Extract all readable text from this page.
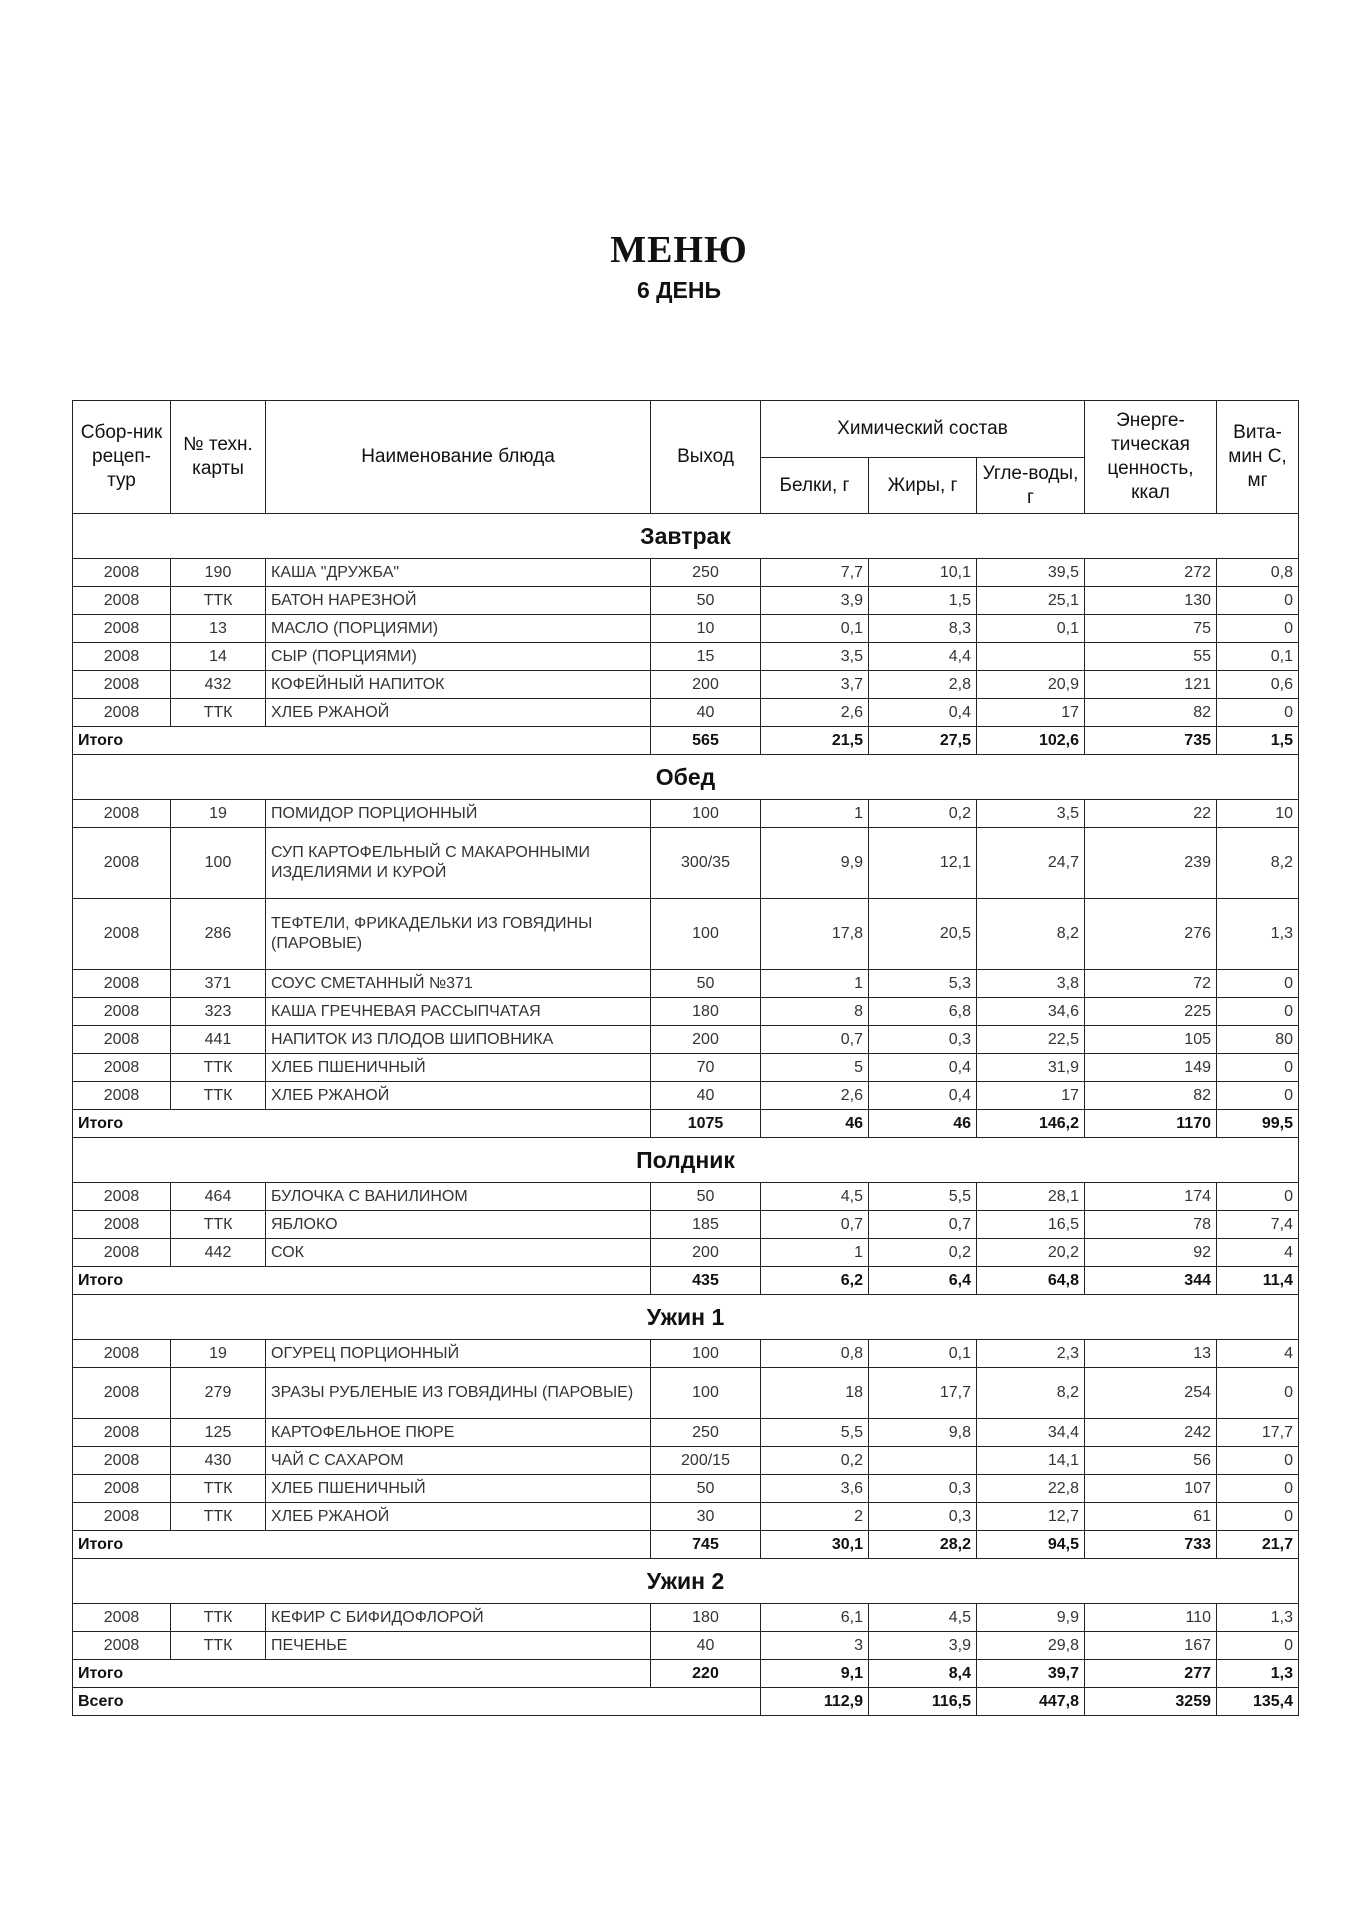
МЕНЮ
6 ДЕНЬ
Сбор-ник рецеп-тур	№ техн. карты	Наименование блюда	Выход	Химический состав			Энерге-тическая ценность, ккал	Вита-мин С, мг
				Белки, г	Жиры, г	Угле-воды, г		
Завтрак								
2008	190	КАША "ДРУЖБА"	250	7,7	10,1	39,5	272	0,8
2008	ТТК	БАТОН НАРЕЗНОЙ	50	3,9	1,5	25,1	130	0
2008	13	МАСЛО (ПОРЦИЯМИ)	10	0,1	8,3	0,1	75	0
2008	14	СЫР (ПОРЦИЯМИ)	15	3,5	4,4		55	0,1
2008	432	КОФЕЙНЫЙ НАПИТОК	200	3,7	2,8	20,9	121	0,6
2008	ТТК	ХЛЕБ РЖАНОЙ	40	2,6	0,4	17	82	0
Итого			565	21,5	27,5	102,6	735	1,5
Обед								
2008	19	ПОМИДОР ПОРЦИОННЫЙ	100	1	0,2	3,5	22	10
2008	100	СУП КАРТОФЕЛЬНЫЙ С МАКАРОННЫМИ ИЗДЕЛИЯМИ И КУРОЙ	300/35	9,9	12,1	24,7	239	8,2
2008	286	ТЕФТЕЛИ, ФРИКАДЕЛЬКИ ИЗ ГОВЯДИНЫ (ПАРОВЫЕ)	100	17,8	20,5	8,2	276	1,3
2008	371	СОУС СМЕТАННЫЙ №371	50	1	5,3	3,8	72	0
2008	323	КАША ГРЕЧНЕВАЯ РАССЫПЧАТАЯ	180	8	6,8	34,6	225	0
2008	441	НАПИТОК ИЗ ПЛОДОВ ШИПОВНИКА	200	0,7	0,3	22,5	105	80
2008	ТТК	ХЛЕБ ПШЕНИЧНЫЙ	70	5	0,4	31,9	149	0
2008	ТТК	ХЛЕБ РЖАНОЙ	40	2,6	0,4	17	82	0
Итого			1075	46	46	146,2	1170	99,5
Полдник								
2008	464	БУЛОЧКА С ВАНИЛИНОМ	50	4,5	5,5	28,1	174	0
2008	ТТК	ЯБЛОКО	185	0,7	0,7	16,5	78	7,4
2008	442	СОК	200	1	0,2	20,2	92	4
Итого			435	6,2	6,4	64,8	344	11,4
Ужин 1								
2008	19	ОГУРЕЦ ПОРЦИОННЫЙ	100	0,8	0,1	2,3	13	4
2008	279	ЗРАЗЫ РУБЛЕНЫЕ ИЗ ГОВЯДИНЫ (ПАРОВЫЕ)	100	18	17,7	8,2	254	0
2008	125	КАРТОФЕЛЬНОЕ ПЮРЕ	250	5,5	9,8	34,4	242	17,7
2008	430	ЧАЙ С САХАРОМ	200/15	0,2		14,1	56	0
2008	ТТК	ХЛЕБ ПШЕНИЧНЫЙ	50	3,6	0,3	22,8	107	0
2008	ТТК	ХЛЕБ РЖАНОЙ	30	2	0,3	12,7	61	0
Итого			745	30,1	28,2	94,5	733	21,7
Ужин 2								
2008	ТТК	КЕФИР С БИФИДОФЛОРОЙ	180	6,1	4,5	9,9	110	1,3
2008	ТТК	ПЕЧЕНЬЕ	40	3	3,9	29,8	167	0
Итого			220	9,1	8,4	39,7	277	1,3
Всего				112,9	116,5	447,8	3259	135,4
